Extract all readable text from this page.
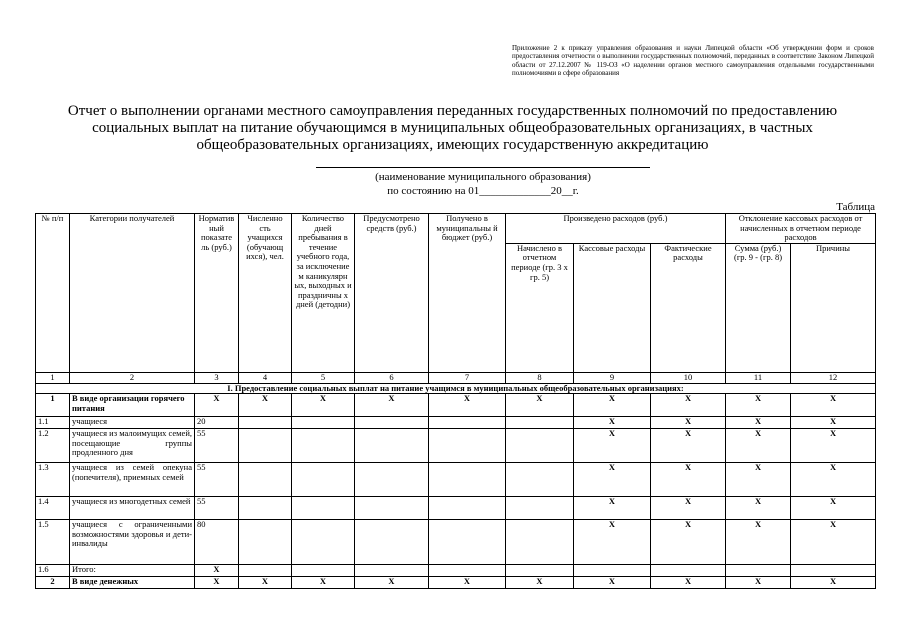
Приложение 2 к приказу управления образования и науки Липецкой области «Об утверждении форм и сроков предоставления отчетности о выполнении государственных полномочий, переданных в соответствие Законом Липецкой области от 27.12.2007 № 119-ОЗ «О наделении органов местного самоуправления отдельными государственными полномочиями в сфере образования
Отчет о выполнении органами местного самоуправления переданных государственных полномочий по предоставлению
социальных выплат на питание обучающимся в муниципальных общеобразовательных организациях, в частных
общеобразовательных организациях, имеющих государственную аккредитацию
(наименование муниципального образования)
по состоянию на 01_____________20__г.
Таблица
№ п/п	Категории получателей	Норматив ный показате ль (руб.)	Численно сть учащихся (обучающ ихся), чел.	Количество дней пребывания в течение учебного года, за исключение м каникулярн ых, выходных и праздничны х дней (детодни)	Предусмотрено средств (руб.)	Получено в муниципальны й бюджет (руб.)	Произведено расходов (руб.)			Отклонение кассовых расходов от начисленных в отчетном периоде расходов	
							Начислено в отчетном периоде (гр. 3 х гр. 5)	Кассовые расходы	Фактические расходы	Сумма (руб.) (гр. 9 - (гр. 8)	Причины
1	2	3	4	5	6	7	8	9	10	11	12
I. Предоставление социальных выплат на питание учащимся в муниципальных общеобразовательных организациях:											
1	В виде организации горячего питания	X	X	X	X	X	X	X	X	X	X
1.1	учащиеся	20						X	X	X	X
1.2	учащиеся из малоимущих семей, посещающие группы продленного дня	55						X	X	X	X
1.3	учащиеся из семей опекуна (попечителя), приемных семей	55						X	X	X	X
1.4	учащиеся из многодетных семей	55						X	X	X	X
1.5	учащиеся с ограниченными возможностями здоровья и дети-инвалиды	80						X	X	X	X
1.6	Итого:	X									
2	В виде денежных	X	X	X	X	X	X	X	X	X	X
